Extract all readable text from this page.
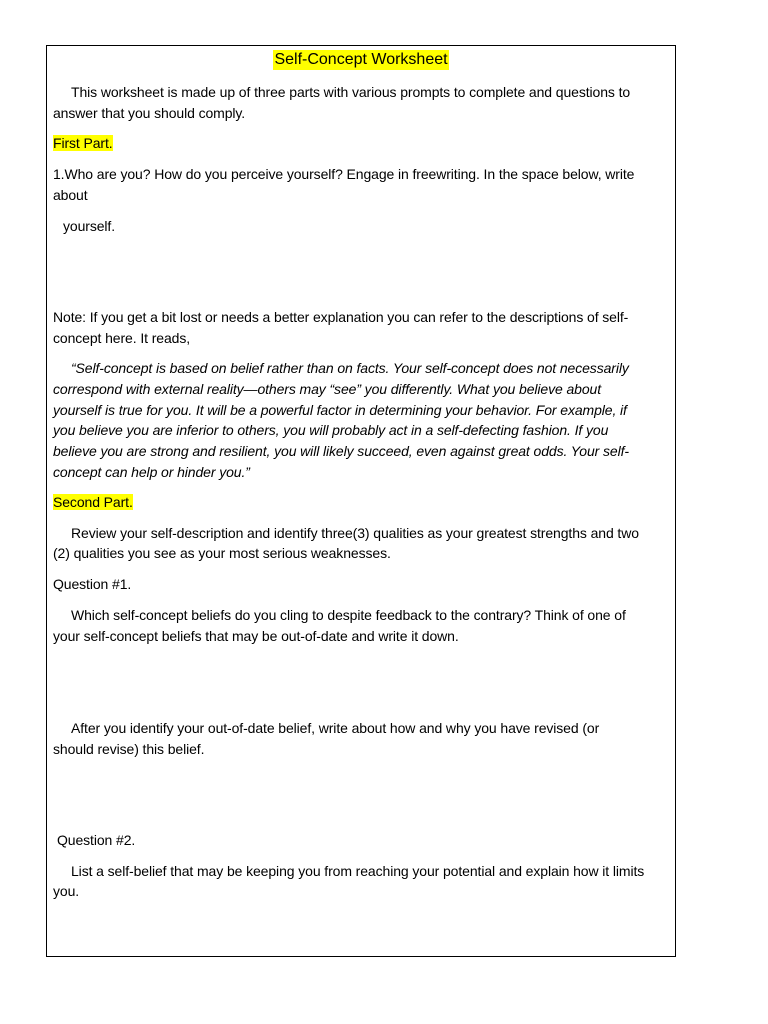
Self-Concept Worksheet
This worksheet is made up of three parts with various prompts to complete and questions to
answer that you should comply.
First Part.
1.Who are you? How do you perceive yourself? Engage in freewriting. In the space below, write
about
yourself.
Note: If you get a bit lost or needs a better explanation you can refer to the descriptions of self-
concept here. It reads,
“Self-concept is based on belief rather than on facts. Your self-concept does not necessarily
correspond with external reality—others may “see” you differently. What you believe about
yourself is true for you. It will be a powerful factor in determining your behavior. For example, if
you believe you are inferior to others, you will probably act in a self-defecting fashion. If you
believe you are strong and resilient, you will likely succeed, even against great odds. Your self-
concept can help or hinder you.”
Second Part.
Review your self-description and identify three(3) qualities as your greatest strengths and two
(2) qualities you see as your most serious weaknesses.
Question #1.
Which self-concept beliefs do you cling to despite feedback to the contrary? Think of one of
your self-concept beliefs that may be out-of-date and write it down.
After you identify your out-of-date belief, write about how and why you have revised (or
should revise) this belief.
Question #2.
List a self-belief that may be keeping you from reaching your potential and explain how it limits
you.
